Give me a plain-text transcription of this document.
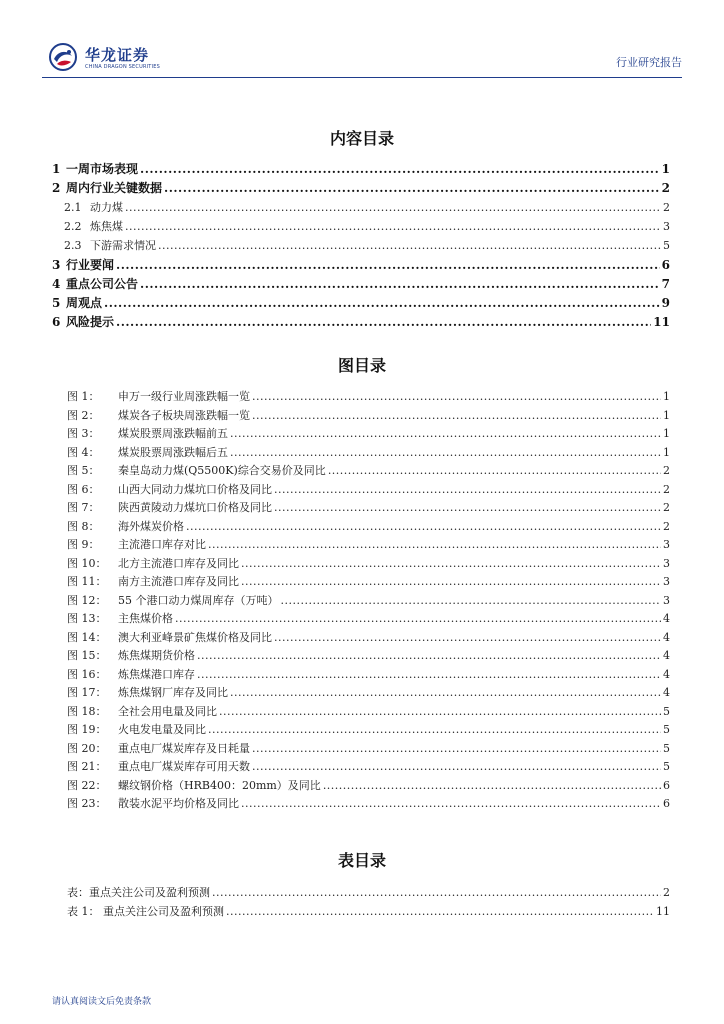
华龙证券
CHINA DRAGON SECURITIES	行业研究报告
内容目录
1 一周市场表现 .....	1
2 周内行业关键数据 .....	2
2.1 动力煤 .....	2
2.2 炼焦煤 .....	3
2.3 下游需求情况 .....	5
3 行业要闻 .....	6
4 重点公司公告 .....	7
5 周观点 .....	9
6 风险提示 .....	11
图目录
图 1：	申万一级行业周涨跌幅一览 .....	1
图 2：	煤炭各子板块周涨跌幅一览 .....	1
图 3：	煤炭股票周涨跌幅前五 .....	1
图 4：	煤炭股票周涨跌幅后五 .....	1
图 5：	秦皇岛动力煤(Q5500K)综合交易价及同比 .....	2
图 6：	山西大同动力煤坑口价格及同比 .....	2
图 7：	陕西黄陵动力煤坑口价格及同比 .....	2
图 8：	海外煤炭价格 .....	2
图 9：	主流港口库存对比 .....	3
图 10：	北方主流港口库存及同比 .....	3
图 11：	南方主流港口库存及同比 .....	3
图 12：	55 个港口动力煤周库存（万吨） .....	3
图 13：	主焦煤价格 .....	4
图 14：	澳大利亚峰景矿焦煤价格及同比 .....	4
图 15：	炼焦煤期货价格 .....	4
图 16：	炼焦煤港口库存 .....	4
图 17：	炼焦煤钢厂库存及同比 .....	4
图 18：	全社会用电量及同比 .....	5
图 19：	火电发电量及同比 .....	5
图 20：	重点电厂煤炭库存及日耗量 .....	5
图 21：	重点电厂煤炭库存可用天数 .....	5
图 22：	螺纹钢价格（HRB400：20mm）及同比 .....	6
图 23：	散装水泥平均价格及同比 .....	6
表目录
表：重点关注公司及盈利预测 .....	2
表 1： 重点关注公司及盈利预测 .....	11
请认真阅读文后免责条款
